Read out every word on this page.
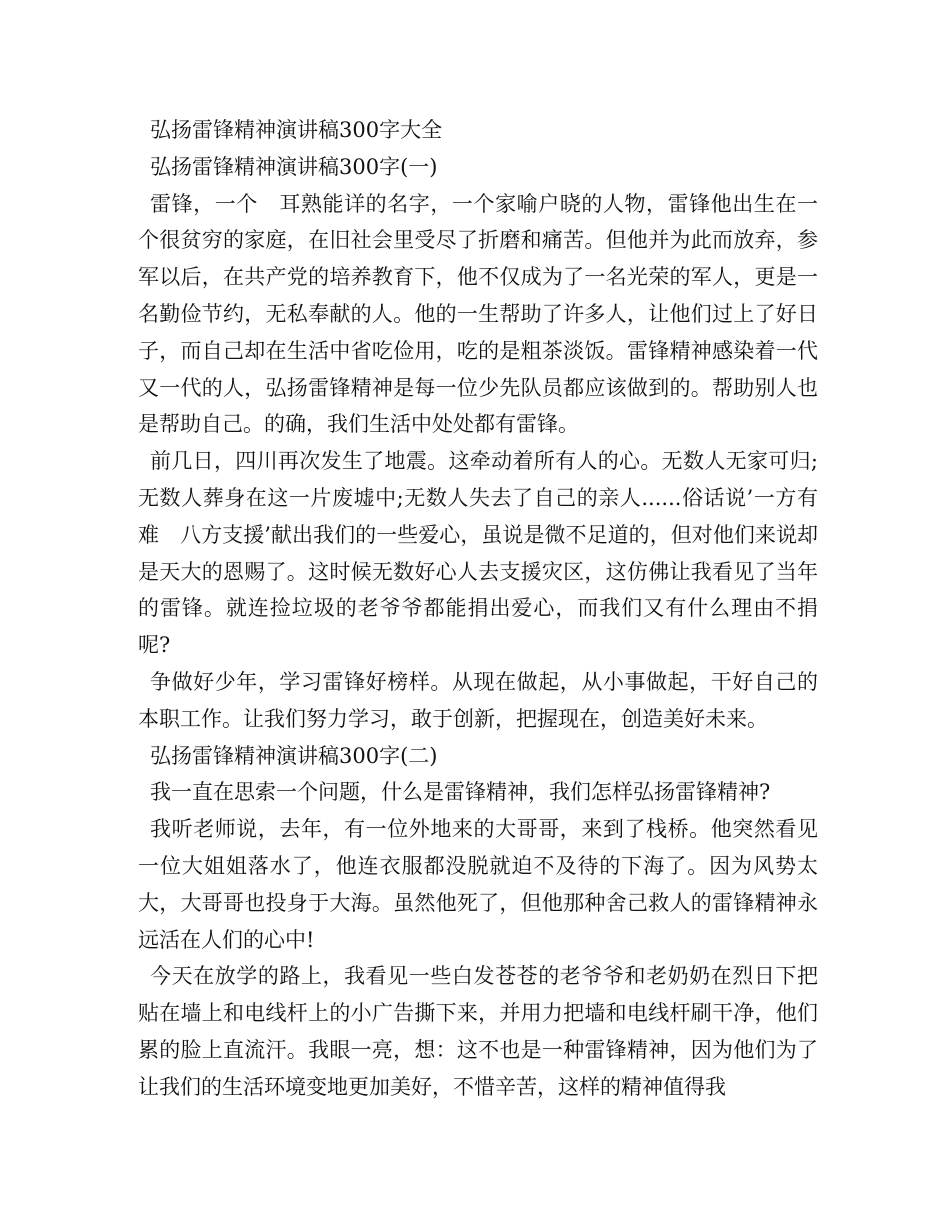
弘扬雷锋精神演讲稿300字大全

弘扬雷锋精神演讲稿300字(一)

雷锋，一个　耳熟能详的名字，一个家喻户晓的人物，雷锋他出生在一个很贫穷的家庭，在旧社会里受尽了折磨和痛苦。但他并为此而放弃，参军以后，在共产党的培养教育下，他不仅成为了一名光荣的军人，更是一名勤俭节约，无私奉献的人。他的一生帮助了许多人，让他们过上了好日子，而自己却在生活中省吃俭用，吃的是粗茶淡饭。雷锋精神感染着一代又一代的人，弘扬雷锋精神是每一位少先队员都应该做到的。帮助别人也是帮助自己。的确，我们生活中处处都有雷锋。

前几日，四川再次发生了地震。这牵动着所有人的心。无数人无家可归;无数人葬身在这一片废墟中;无数人失去了自己的亲人......俗话说’一方有难　八方支援’献出我们的一些爱心，虽说是微不足道的，但对他们来说却是天大的恩赐了。这时候无数好心人去支援灾区，这仿佛让我看见了当年的雷锋。就连捡垃圾的老爷爷都能捐出爱心，而我们又有什么理由不捐呢?

争做好少年，学习雷锋好榜样。从现在做起，从小事做起，干好自己的本职工作。让我们努力学习，敢于创新，把握现在，创造美好未来。

弘扬雷锋精神演讲稿300字(二)

我一直在思索一个问题，什么是雷锋精神，我们怎样弘扬雷锋精神?

我听老师说，去年，有一位外地来的大哥哥，来到了栈桥。他突然看见一位大姐姐落水了，他连衣服都没脱就迫不及待的下海了。因为风势太大，大哥哥也投身于大海。虽然他死了，但他那种舍己救人的雷锋精神永远活在人们的心中!

今天在放学的路上，我看见一些白发苍苍的老爷爷和老奶奶在烈日下把贴在墙上和电线杆上的小广告撕下来，并用力把墙和电线杆刷干净，他们累的脸上直流汗。我眼一亮，想：这不也是一种雷锋精神，因为他们为了让我们的生活环境变地更加美好，不惜辛苦，这样的精神值得我
